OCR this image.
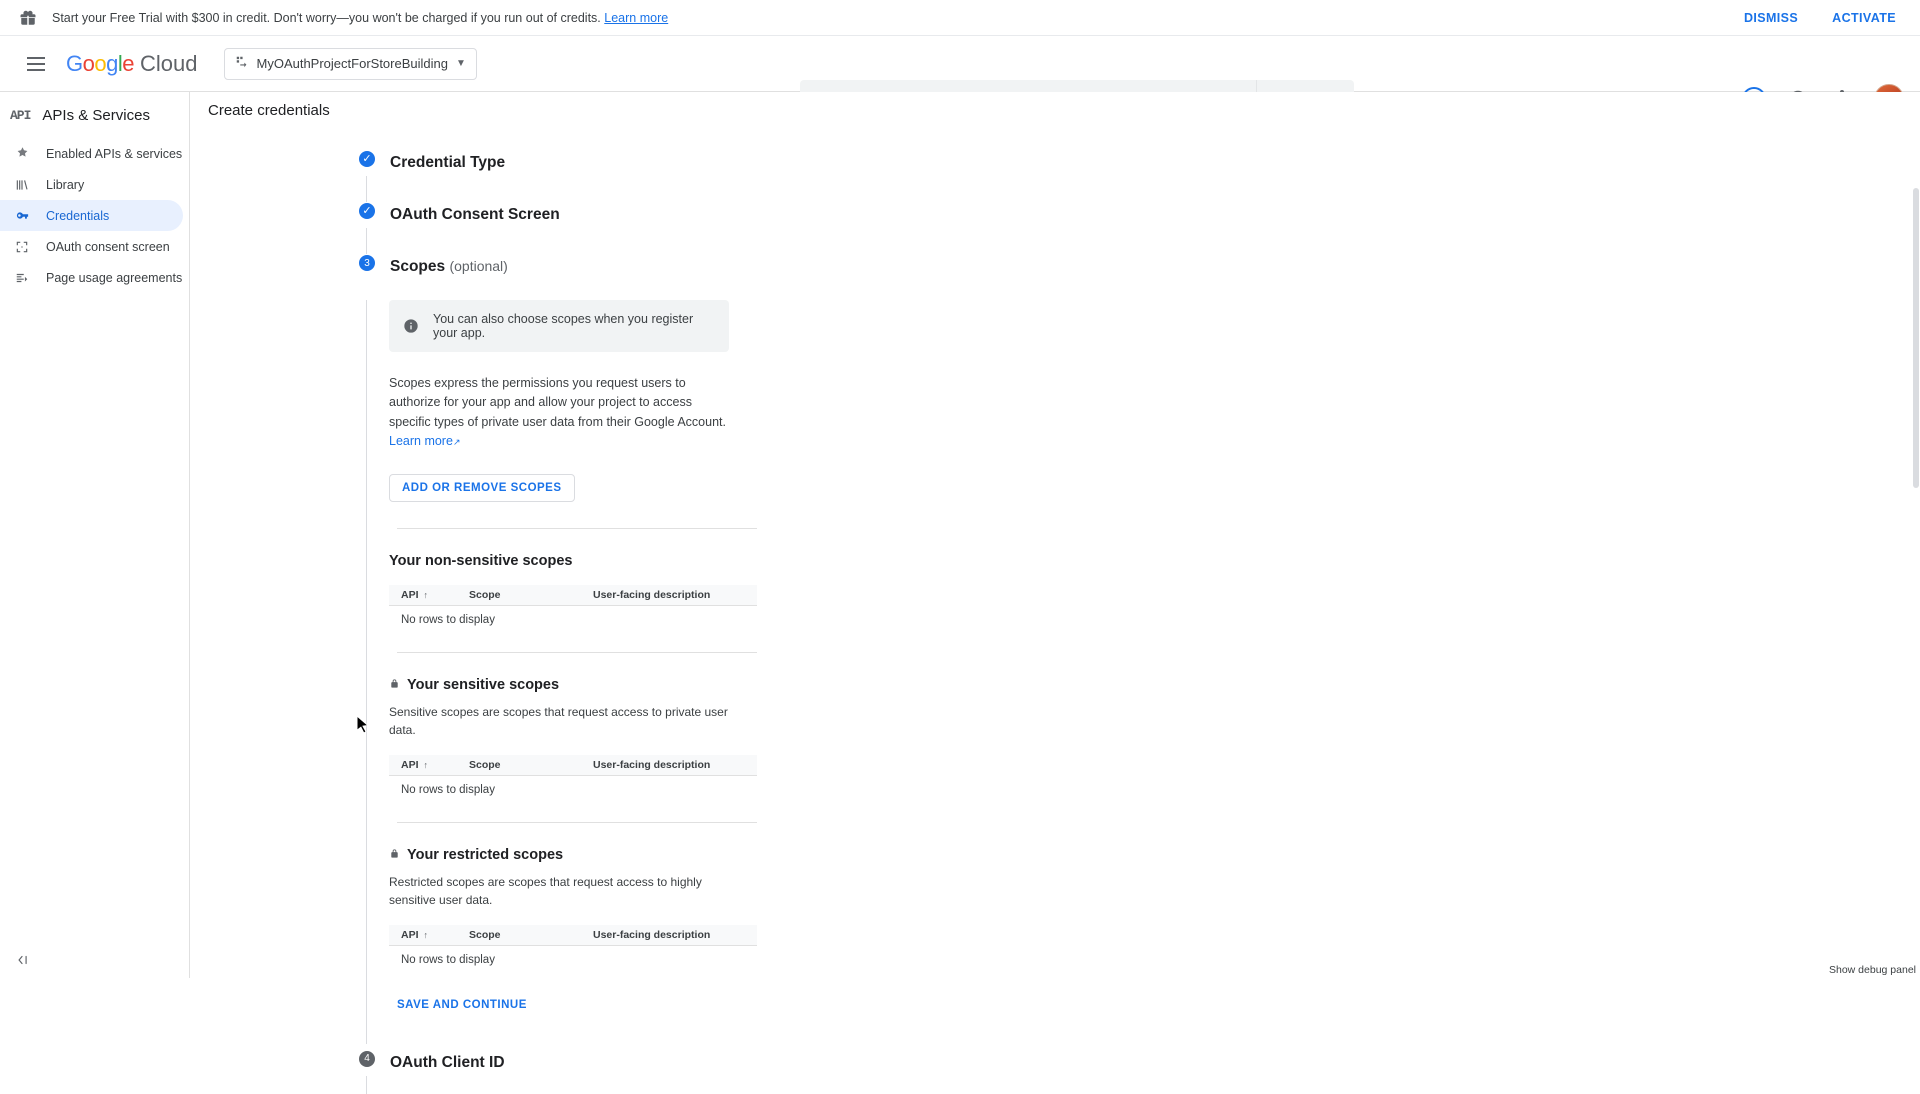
Start your Free Trial with $300 in credit. Don't worry—you won't be charged if you run out of credits. Learn more	DISMISS	ACTIVATE
Google Cloud	MyOAuthProjectForStoreBuilding ▼
Search (/) for resources, docs, products, and more
API APIs & Services
Enabled APIs & services
Library
Credentials
OAuth consent screen
Page usage agreements
Create credentials
✓
Credential Type
✓
OAuth Consent Screen
3	Scopes (optional)
You can also choose scopes when you register your app.
Scopes express the permissions you request users to authorize for your app and allow your project to access specific types of private user data from their Google Account. Learn more↗
ADD OR REMOVE SCOPES
Your non-sensitive scopes
API ↑	Scope	User-facing description
No rows to display
Your sensitive scopes
Sensitive scopes are scopes that request access to private user data.
API ↑	Scope	User-facing description
No rows to display
Your restricted scopes
Restricted scopes are scopes that request access to highly sensitive user data.
API ↑	Scope	User-facing description
No rows to display
SAVE AND CONTINUE
4	OAuth Client ID
Show debug panel
